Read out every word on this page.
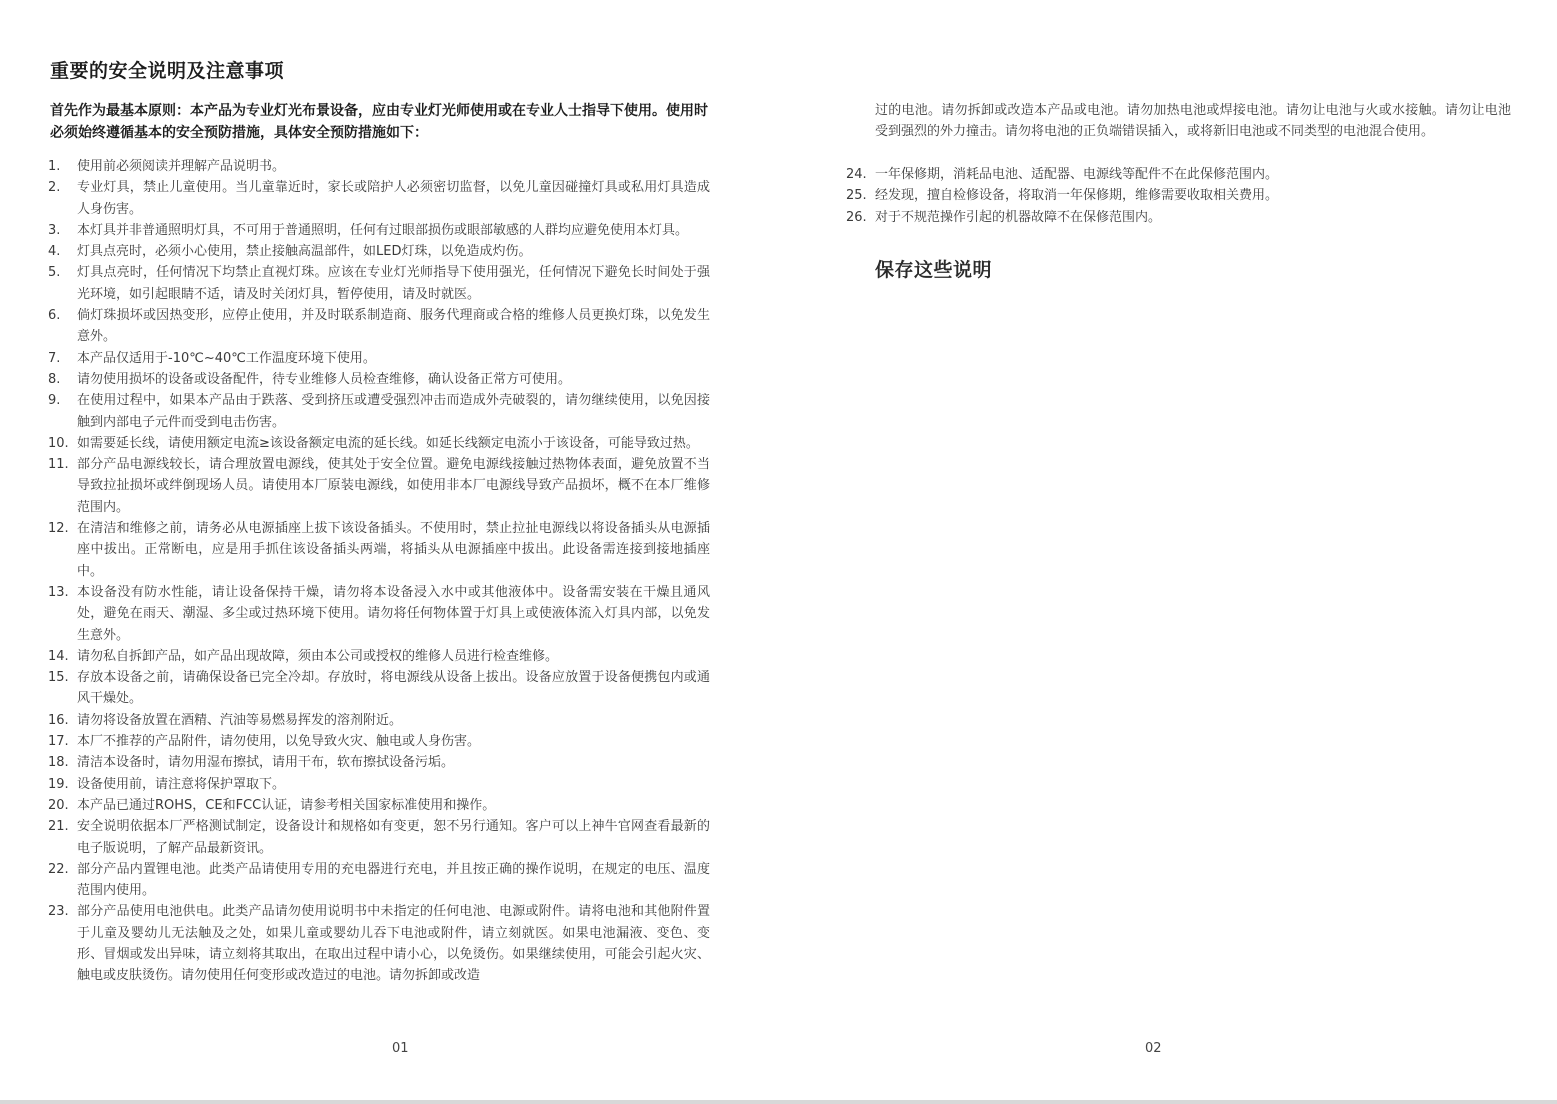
重要的安全说明及注意事项

首先作为最基本原则：本产品为专业灯光布景设备，应由专业灯光师使用或在专业人士指导下使用。使用时必须始终遵循基本的安全预防措施，具体安全预防措施如下：

1.	使用前必须阅读并理解产品说明书。
2.	专业灯具，禁止儿童使用。当儿童靠近时，家长或陪护人必须密切监督，以免儿童因碰撞灯具或私用灯具造成人身伤害。
3.	本灯具并非普通照明灯具，不可用于普通照明，任何有过眼部损伤或眼部敏感的人群均应避免使用本灯具。
4.	灯具点亮时，必须小心使用，禁止接触高温部件，如LED灯珠，以免造成灼伤。
5.	灯具点亮时，任何情况下均禁止直视灯珠。应该在专业灯光师指导下使用强光，任何情况下避免长时间处于强光环境，如引起眼睛不适，请及时关闭灯具，暂停使用，请及时就医。
6.	倘灯珠损坏或因热变形，应停止使用，并及时联系制造商、服务代理商或合格的维修人员更换灯珠，以免发生意外。
7.	本产品仅适用于-10℃~40℃工作温度环境下使用。
8.	请勿使用损坏的设备或设备配件，待专业维修人员检查维修，确认设备正常方可使用。
9.	在使用过程中，如果本产品由于跌落、受到挤压或遭受强烈冲击而造成外壳破裂的，请勿继续使用，以免因接触到内部电子元件而受到电击伤害。
10. 如需要延长线，请使用额定电流≥该设备额定电流的延长线。如延长线额定电流小于该设备，可能导致过热。
11. 部分产品电源线较长，请合理放置电源线，使其处于安全位置。避免电源线接触过热物体表面，避免放置不当导致拉扯损坏或绊倒现场人员。请使用本厂原装电源线，如使用非本厂电源线导致产品损坏，概不在本厂维修范围内。
12. 在清洁和维修之前，请务必从电源插座上拔下该设备插头。不使用时，禁止拉扯电源线以将设备插头从电源插座中拔出。正常断电，应是用手抓住该设备插头两端，将插头从电源插座中拔出。此设备需连接到接地插座中。
13. 本设备没有防水性能，请让设备保持干燥，请勿将本设备浸入水中或其他液体中。设备需安装在干燥且通风处，避免在雨天、潮湿、多尘或过热环境下使用。请勿将任何物体置于灯具上或使液体流入灯具内部，以免发生意外。
14. 请勿私自拆卸产品，如产品出现故障，须由本公司或授权的维修人员进行检查维修。
15. 存放本设备之前，请确保设备已完全冷却。存放时，将电源线从设备上拔出。设备应放置于设备便携包内或通风干燥处。
16. 请勿将设备放置在酒精、汽油等易燃易挥发的溶剂附近。
17. 本厂不推荐的产品附件，请勿使用，以免导致火灾、触电或人身伤害。
18. 清洁本设备时，请勿用湿布擦拭，请用干布，软布擦拭设备污垢。
19. 设备使用前，请注意将保护罩取下。
20. 本产品已通过ROHS，CE和FCC认证，请参考相关国家标准使用和操作。
21. 安全说明依据本厂严格测试制定，设备设计和规格如有变更，恕不另行通知。客户可以上神牛官网查看最新的电子版说明，了解产品最新资讯。
22. 部分产品内置锂电池。此类产品请使用专用的充电器进行充电，并且按正确的操作说明，在规定的电压、温度范围内使用。
23. 部分产品使用电池供电。此类产品请勿使用说明书中未指定的任何电池、电源或附件。请将电池和其他附件置于儿童及婴幼儿无法触及之处，如果儿童或婴幼儿吞下电池或附件，请立刻就医。如果电池漏液、变色、变形、冒烟或发出异味，请立刻将其取出，在取出过程中请小心，以免烫伤。如果继续使用，可能会引起火灾、触电或皮肤烫伤。请勿使用任何变形或改造过的电池。请勿拆卸或改造
01

过的电池。请勿拆卸或改造本产品或电池。请勿加热电池或焊接电池。请勿让电池与火或水接触。请勿让电池受到强烈的外力撞击。请勿将电池的正负端错误插入，或将新旧电池或不同类型的电池混合使用。

24. 一年保修期，消耗品电池、适配器、电源线等配件不在此保修范围内。
25. 经发现，擅自检修设备，将取消一年保修期，维修需要收取相关费用。
26. 对于不规范操作引起的机器故障不在保修范围内。
保存这些说明
02
